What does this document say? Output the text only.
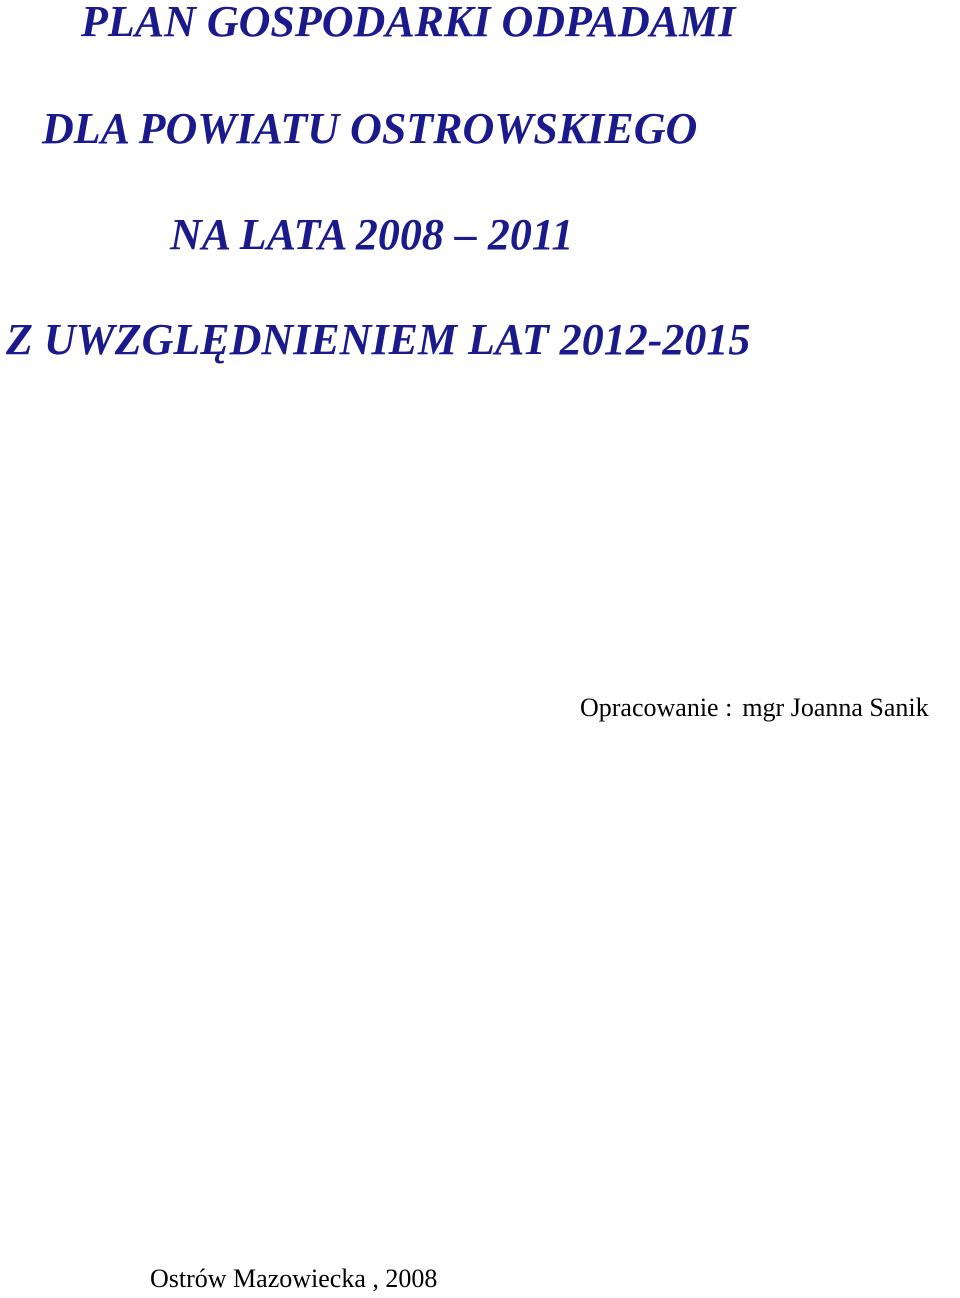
PLAN GOSPODARKI ODPADAMI
DLA POWIATU OSTROWSKIEGO
NA LATA 2008 – 2011
Z UWZGLĘDNIENIEM LAT 2012-2015

Opracowanie : mgr Joanna Sanik

Ostrów Mazowiecka , 2008
